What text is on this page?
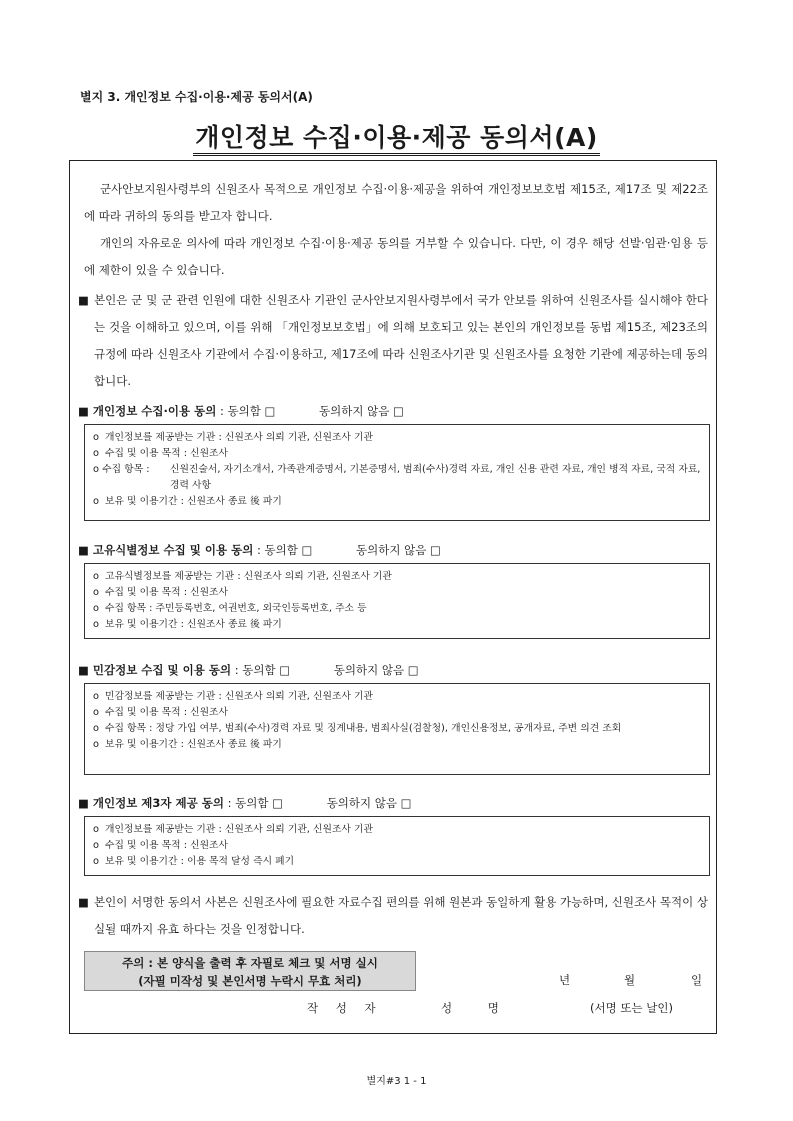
별지 3. 개인정보 수집·이용·제공 동의서(A)
개인정보 수집·이용·제공 동의서(A)

군사안보지원사령부의 신원조사 목적으로 개인정보 수집·이용·제공을 위하여 개인정보보호법 제15조, 제17조 및 제22조에 따라 귀하의 동의를 받고자 합니다.

개인의 자유로운 의사에 따라 개인정보 수집·이용·제공 동의를 거부할 수 있습니다. 다만, 이 경우 해당 선발·임관·임용 등에 제한이 있을 수 있습니다.

■ 본인은 군 및 군 관련 인원에 대한 신원조사 기관인 군사안보지원사령부에서 국가 안보를 위하여 신원조사를 실시해야 한다는 것을 이해하고 있으며, 이를 위해 「개인정보보호법」에 의해 보호되고 있는 본인의 개인정보를 동법 제15조, 제23조의 규정에 따라 신원조사 기관에서 수집·이용하고, 제17조에 따라 신원조사기관 및 신원조사를 요청한 기관에 제공하는데 동의합니다.
■ 개인정보 수집·이용 동의 : 동의함 □	동의하지 않음 □
o 개인정보를 제공받는 기관 : 신원조사 의뢰 기관, 신원조사 기관
o 수집 및 이용 목적 : 신원조사
o 수집 항목 : 신원진술서, 자기소개서, 가족관계증명서, 기본증명서, 범죄(수사)경력 자료, 개인 신용 관련 자료, 개인 병적 자료, 국적 자료, 경력 사항
o 보유 및 이용기간 : 신원조사 종료 後 파기
■ 고유식별정보 수집 및 이용 동의 : 동의함 □	동의하지 않음 □
o 고유식별정보를 제공받는 기관 : 신원조사 의뢰 기관, 신원조사 기관
o 수집 및 이용 목적 : 신원조사
o 수집 항목 : 주민등록번호, 여권번호, 외국인등록번호, 주소 등
o 보유 및 이용기간 : 신원조사 종료 後 파기
■ 민감정보 수집 및 이용 동의 : 동의함 □	동의하지 않음 □
o 민감정보를 제공받는 기관 : 신원조사 의뢰 기관, 신원조사 기관
o 수집 및 이용 목적 : 신원조사
o 수집 항목 : 정당 가입 여부, 범죄(수사)경력 자료 및 징계내용, 범죄사실(검찰청), 개인신용정보, 공개자료, 주변 의견 조회
o 보유 및 이용기간 : 신원조사 종료 後 파기
■ 개인정보 제3자 제공 동의 : 동의함 □	동의하지 않음 □
o 개인정보를 제공받는 기관 : 신원조사 의뢰 기관, 신원조사 기관
o 수집 및 이용 목적 : 신원조사
o 보유 및 이용기간 : 이용 목적 달성 즉시 폐기
■ 본인이 서명한 동의서 사본은 신원조사에 필요한 자료수집 편의를 위해 원본과 동일하게 활용 가능하며, 신원조사 목적이 상실될 때까지 유효 하다는 것을 인정합니다.
주의 : 본 양식을 출력 후 자필로 체크 및 서명 실시
(자필 미작성 및 본인서명 누락시 무효 처리)	년	월	일
작 성 자	성 명	(서명 또는 날인)
별지#3 1 - 1
